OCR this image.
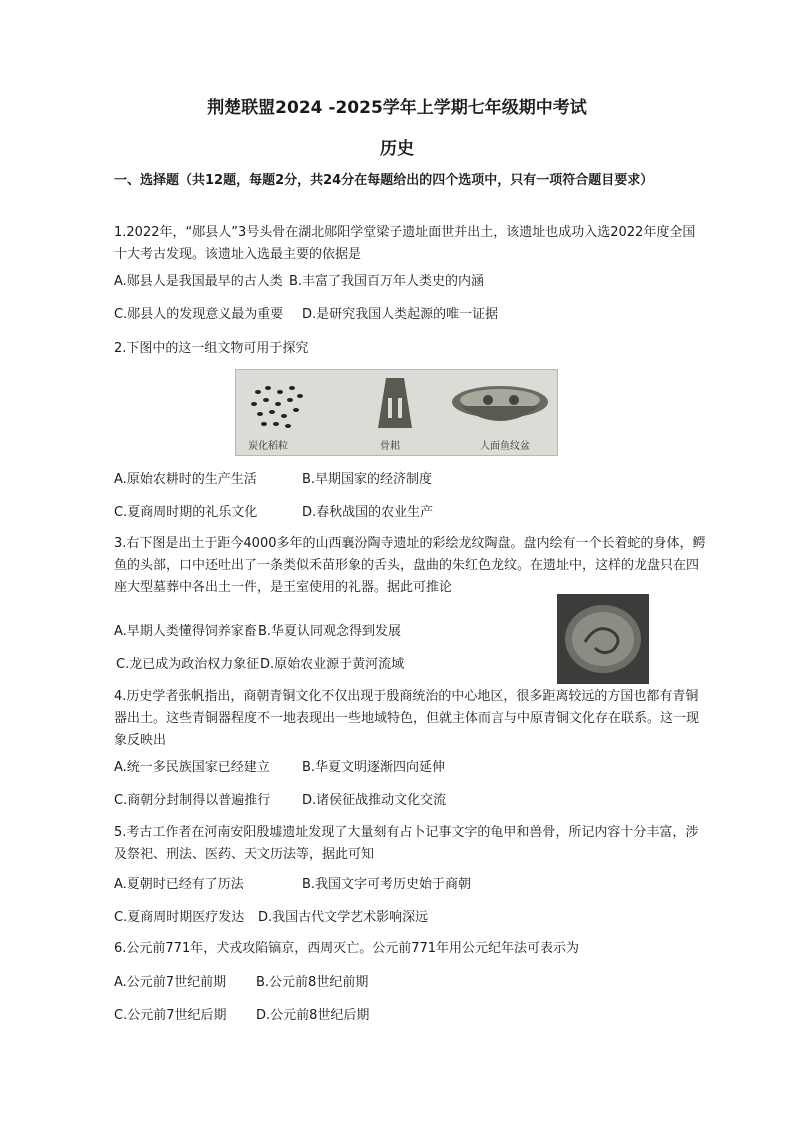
荆楚联盟2024 -2025学年上学期七年级期中考试
历史
一、选择题（共12题，每题2分，共24分在每题给出的四个选项中，只有一项符合题目要求）
1.2022年，“郧县人”3号头骨在湖北郧阳学堂梁子遗址面世并出土，该遗址也成功入选2022年度全国十大考古发现。该遗址入选最主要的依据是
A.郧县人是我国最早的古人类 B.丰富了我国百万年人类史的内涵
C.郧县人的发现意义最为重要 D.是研究我国人类起源的唯一证据
2.下图中的这一组文物可用于探究
炭化稻粒	骨耜	人面鱼纹盆
A.原始农耕时的生产生活	B.早期国家的经济制度
C.夏商周时期的礼乐文化	D.春秋战国的农业生产
3.右下图是出土于距今4000多年的山西襄汾陶寺遗址的彩绘龙纹陶盘。盘内绘有一个长着蛇的身体，鳄鱼的头部，口中还吐出了一条类似禾苗形象的舌头，盘曲的朱红色龙纹。在遗址中，这样的龙盘只在四座大型墓葬中各出土一件，是王室使用的礼器。据此可推论
A.早期人类懂得饲养家畜 B.华夏认同观念得到发展
C.龙已成为政治权力象征 D.原始农业源于黄河流域
4.历史学者张帆指出，商朝青铜文化不仅出现于殷商统治的中心地区，很多距离较远的方国也都有青铜器出土。这些青铜器程度不一地表现出一些地域特色，但就主体而言与中原青铜文化存在联系。这一现象反映出
A.统一多民族国家已经建立 B.华夏文明逐渐四向延伸
C.商朝分封制得以普遍推行 D.诸侯征战推动文化交流
5.考古工作者在河南安阳殷墟遗址发现了大量刻有占卜记事文字的龟甲和兽骨，所记内容十分丰富，涉及祭祀、刑法、医药、天文历法等，据此可知
A.夏朝时已经有了历法	B.我国文字可考历史始于商朝
C.夏商周时期医疗发达 D.我国古代文学艺术影响深远
6.公元前771年，犬戎攻陷镐京，西周灭亡。公元前771年用公元纪年法可表示为
A.公元前7世纪前期 B.公元前8世纪前期
C.公元前7世纪后期 D.公元前8世纪后期
